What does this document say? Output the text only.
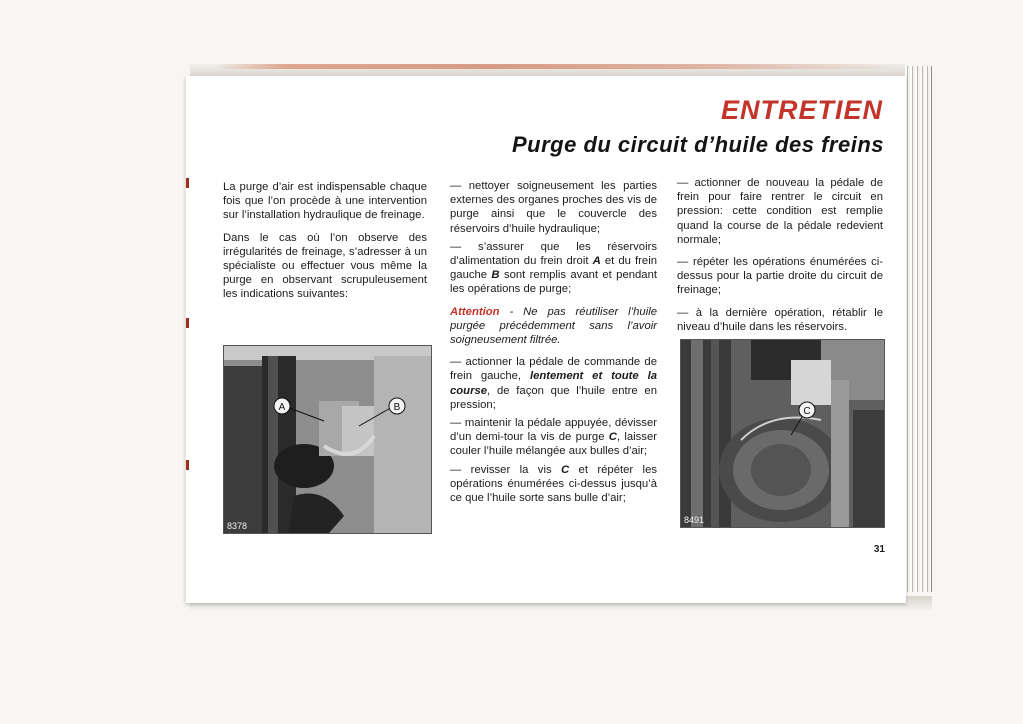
ENTRETIEN
Purge du circuit d’huile des freins

La purge d’air est indispensable chaque fois que l’on procède à une intervention sur l’installation hydraulique de freinage.

Dans le cas où l’on observe des irrégularités de freinage, s’adresser à un spécialiste ou effectuer vous même la purge en observant scrupuleusement les indications suivantes:

A	B
8378

— nettoyer soigneusement les parties externes des organes proches des vis de purge ainsi que le couvercle des réservoirs d’huile hydraulique;

— s’assurer que les réservoirs d’alimentation du frein droit A et du frein gauche B sont remplis avant et pendant les opérations de purge;

Attention - Ne pas réutiliser l’huile purgée précédemment sans l’avoir soigneusement filtrée.

— actionner la pédale de commande de frein gauche, lentement et toute la course, de façon que l’huile entre en pression;

— maintenir la pédale appuyée, dévisser d’un demi-tour la vis de purge C, laisser couler l’huile mélangée aux bulles d’air;

— revisser la vis C et répéter les opérations énumérées ci-dessus jusqu’à ce que l’huile sorte sans bulle d’air;

— actionner de nouveau la pédale de frein pour faire rentrer le circuit en pression: cette condition est remplie quand la course de la pédale redevient normale;

— répéter les opérations énumérées ci-dessus pour la partie droite du circuit de freinage;

— à la dernière opération, rétablir le niveau d’huile dans les réservoirs.

C
8491
31
